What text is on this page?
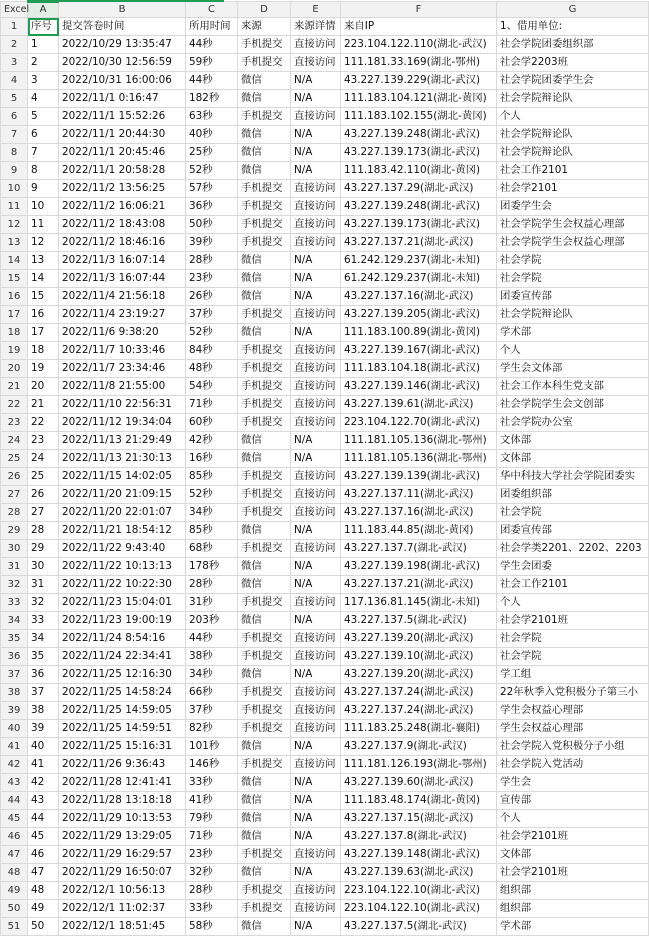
Excel	A	B	C	D	E	F	G
1	序号	提交答卷时间	所用时间	来源	来源详情	来自IP	1、借用单位:
2	1	2022/10/29 13:35:47	44秒	手机提交	直接访问	223.104.122.110(湖北-武汉)	社会学院团委组织部
3	2	2022/10/30 12:56:59	59秒	手机提交	直接访问	111.181.33.169(湖北-鄂州)	社会学2203班
4	3	2022/10/31 16:00:06	44秒	微信	N/A	43.227.139.229(湖北-武汉)	社会学院团委学生会
5	4	2022/11/1 0:16:47	182秒	微信	N/A	111.183.104.121(湖北-黄冈)	社会学院辩论队
6	5	2022/11/1 15:52:26	63秒	手机提交	直接访问	111.183.102.155(湖北-黄冈)	个人
7	6	2022/11/1 20:44:30	40秒	微信	N/A	43.227.139.248(湖北-武汉)	社会学院辩论队
8	7	2022/11/1 20:45:46	25秒	微信	N/A	43.227.139.173(湖北-武汉)	社会学院辩论队
9	8	2022/11/1 20:58:28	52秒	微信	N/A	111.183.42.110(湖北-黄冈)	社会工作2101
10	9	2022/11/2 13:56:25	57秒	手机提交	直接访问	43.227.137.29(湖北-武汉)	社会学2101
11	10	2022/11/2 16:06:21	36秒	手机提交	直接访问	43.227.139.248(湖北-武汉)	团委学生会
12	11	2022/11/2 18:43:08	50秒	手机提交	直接访问	43.227.139.173(湖北-武汉)	社会学院学生会权益心理部
13	12	2022/11/2 18:46:16	39秒	手机提交	直接访问	43.227.137.21(湖北-武汉)	社会学院学生会权益心理部
14	13	2022/11/3 16:07:14	28秒	微信	N/A	61.242.129.237(湖北-未知)	社会学院
15	14	2022/11/3 16:07:44	23秒	微信	N/A	61.242.129.237(湖北-未知)	社会学院
16	15	2022/11/4 21:56:18	26秒	微信	N/A	43.227.137.16(湖北-武汉)	团委宣传部
17	16	2022/11/4 23:19:27	37秒	手机提交	直接访问	43.227.139.205(湖北-武汉)	社会学院辩论队
18	17	2022/11/6 9:38:20	52秒	微信	N/A	111.183.100.89(湖北-黄冈)	学术部
19	18	2022/11/7 10:33:46	84秒	手机提交	直接访问	43.227.139.167(湖北-武汉)	个人
20	19	2022/11/7 23:34:46	48秒	手机提交	直接访问	111.183.104.18(湖北-武汉)	学生会文体部
21	20	2022/11/8 21:55:00	54秒	手机提交	直接访问	43.227.139.146(湖北-武汉)	社会工作本科生党支部
22	21	2022/11/10 22:56:31	71秒	手机提交	直接访问	43.227.139.61(湖北-武汉)	社会学院学生会文创部
23	22	2022/11/12 19:34:04	60秒	手机提交	直接访问	223.104.122.70(湖北-武汉)	社会学院办公室
24	23	2022/11/13 21:29:49	42秒	微信	N/A	111.181.105.136(湖北-鄂州)	文体部
25	24	2022/11/13 21:30:13	16秒	微信	N/A	111.181.105.136(湖北-鄂州)	文体部
26	25	2022/11/15 14:02:05	85秒	手机提交	直接访问	43.227.139.139(湖北-武汉)	华中科技大学社会学院团委实
27	26	2022/11/20 21:09:15	52秒	手机提交	直接访问	43.227.137.11(湖北-武汉)	团委组织部
28	27	2022/11/20 22:01:07	34秒	手机提交	直接访问	43.227.137.16(湖北-武汉)	社会学院
29	28	2022/11/21 18:54:12	85秒	微信	N/A	111.183.44.85(湖北-黄冈)	团委宣传部
30	29	2022/11/22 9:43:40	68秒	手机提交	直接访问	43.227.137.7(湖北-武汉)	社会学类2201、2202、2203
31	30	2022/11/22 10:13:13	178秒	微信	N/A	43.227.139.198(湖北-武汉)	学生会团委
32	31	2022/11/22 10:22:30	28秒	微信	N/A	43.227.137.21(湖北-武汉)	社会工作2101
33	32	2022/11/23 15:04:01	31秒	手机提交	直接访问	117.136.81.145(湖北-未知)	个人
34	33	2022/11/23 19:00:19	203秒	微信	N/A	43.227.137.5(湖北-武汉)	社会学2101班
35	34	2022/11/24 8:54:16	44秒	手机提交	直接访问	43.227.139.20(湖北-武汉)	社会学院
36	35	2022/11/24 22:34:41	38秒	手机提交	直接访问	43.227.139.10(湖北-武汉)	社会学院
37	36	2022/11/25 12:16:30	34秒	微信	N/A	43.227.139.20(湖北-武汉)	学工组
38	37	2022/11/25 14:58:24	66秒	手机提交	直接访问	43.227.137.24(湖北-武汉)	22年秋季入党积极分子第三小
39	38	2022/11/25 14:59:05	37秒	手机提交	直接访问	43.227.137.24(湖北-武汉)	学生会权益心理部
40	39	2022/11/25 14:59:51	82秒	手机提交	直接访问	111.183.25.248(湖北-襄阳)	学生会权益心理部
41	40	2022/11/25 15:16:31	101秒	微信	N/A	43.227.137.9(湖北-武汉)	社会学院入党积极分子小组
42	41	2022/11/26 9:36:43	146秒	手机提交	直接访问	111.181.126.193(湖北-鄂州)	社会学院入党活动
43	42	2022/11/28 12:41:41	33秒	微信	N/A	43.227.139.60(湖北-武汉)	学生会
44	43	2022/11/28 13:18:18	41秒	微信	N/A	111.183.48.174(湖北-黄冈)	宣传部
45	44	2022/11/29 10:13:53	79秒	微信	N/A	43.227.137.15(湖北-武汉)	个人
46	45	2022/11/29 13:29:05	71秒	微信	N/A	43.227.137.8(湖北-武汉)	社会学2101班
47	46	2022/11/29 16:29:57	23秒	手机提交	直接访问	43.227.139.148(湖北-武汉)	文体部
48	47	2022/11/29 16:50:07	32秒	微信	N/A	43.227.139.63(湖北-武汉)	社会学2101班
49	48	2022/12/1 10:56:13	28秒	手机提交	直接访问	223.104.122.10(湖北-武汉)	组织部
50	49	2022/12/1 11:02:37	33秒	手机提交	直接访问	223.104.122.10(湖北-武汉)	组织部
51	50	2022/12/1 18:51:45	58秒	微信	N/A	43.227.137.5(湖北-武汉)	学术部
